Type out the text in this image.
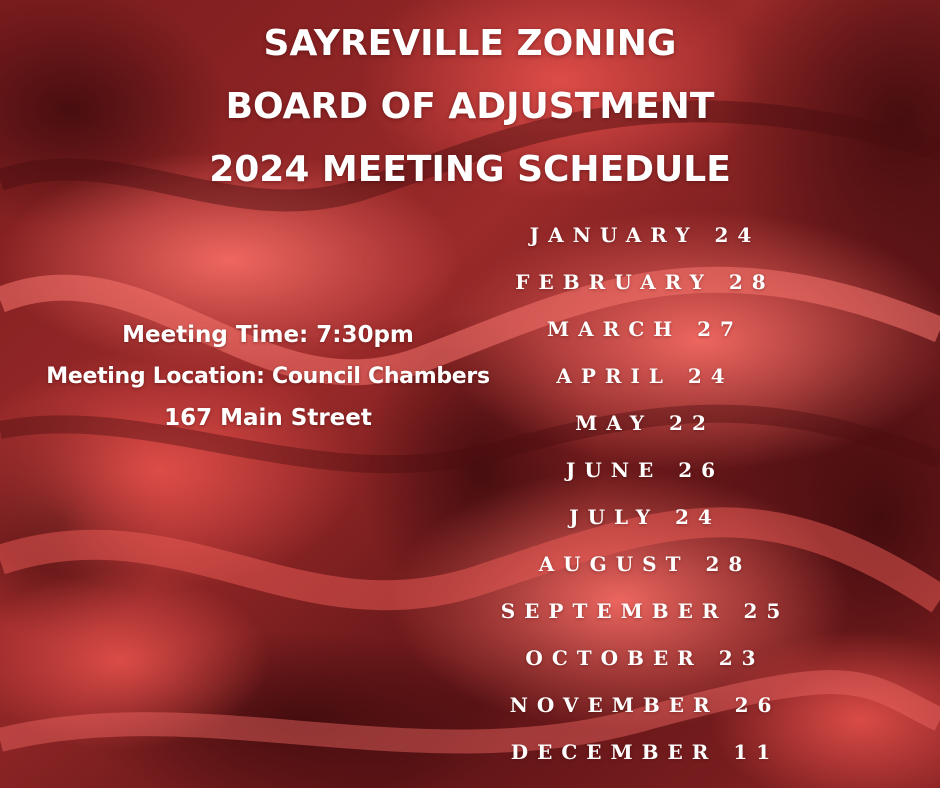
SAYREVILLE ZONING
BOARD OF ADJUSTMENT
2024 MEETING SCHEDULE
Meeting Time: 7:30pm
Meeting Location: Council Chambers
167 Main Street
JANUARY 24
FEBRUARY 28
MARCH 27
APRIL 24
MAY 22
JUNE 26
JULY 24
AUGUST 28
SEPTEMBER 25
OCTOBER 23
NOVEMBER 26
DECEMBER 11
